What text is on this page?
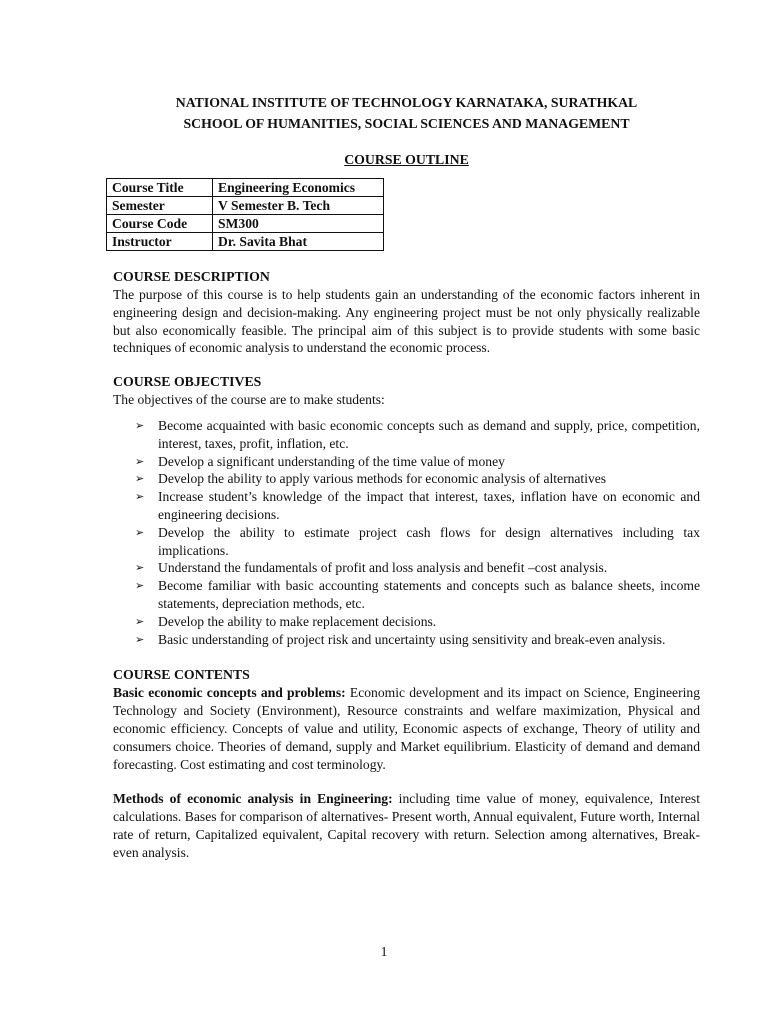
NATIONAL INSTITUTE OF TECHNOLOGY KARNATAKA, SURATHKAL
SCHOOL OF HUMANITIES, SOCIAL SCIENCES AND MANAGEMENT
COURSE OUTLINE
Course Title	Engineering Economics
Semester	V Semester B. Tech
Course Code	SM300
Instructor	Dr. Savita Bhat
COURSE DESCRIPTION
The purpose of this course is to help students gain an understanding of the economic factors inherent in engineering design and decision-making. Any engineering project must be not only physically realizable but also economically feasible. The principal aim of this subject is to provide students with some basic techniques of economic analysis to understand the economic process.
COURSE OBJECTIVES
The objectives of the course are to make students:
➢ Become acquainted with basic economic concepts such as demand and supply, price, competition, interest, taxes, profit, inflation, etc.
➢ Develop a significant understanding of the time value of money
➢ Develop the ability to apply various methods for economic analysis of alternatives
➢ Increase student’s knowledge of the impact that interest, taxes, inflation have on economic and engineering decisions.
➢ Develop the ability to estimate project cash flows for design alternatives including tax implications.
➢ Understand the fundamentals of profit and loss analysis and benefit –cost analysis.
➢ Become familiar with basic accounting statements and concepts such as balance sheets, income statements, depreciation methods, etc.
➢ Develop the ability to make replacement decisions.
➢ Basic understanding of project risk and uncertainty using sensitivity and break-even analysis.
COURSE CONTENTS
Basic economic concepts and problems: Economic development and its impact on Science, Engineering Technology and Society (Environment), Resource constraints and welfare maximization, Physical and economic efficiency. Concepts of value and utility, Economic aspects of exchange, Theory of utility and consumers choice. Theories of demand, supply and Market equilibrium. Elasticity of demand and demand forecasting. Cost estimating and cost terminology.
Methods of economic analysis in Engineering: including time value of money, equivalence, Interest calculations. Bases for comparison of alternatives- Present worth, Annual equivalent, Future worth, Internal rate of return, Capitalized equivalent, Capital recovery with return. Selection among alternatives, Break-even analysis.
1
